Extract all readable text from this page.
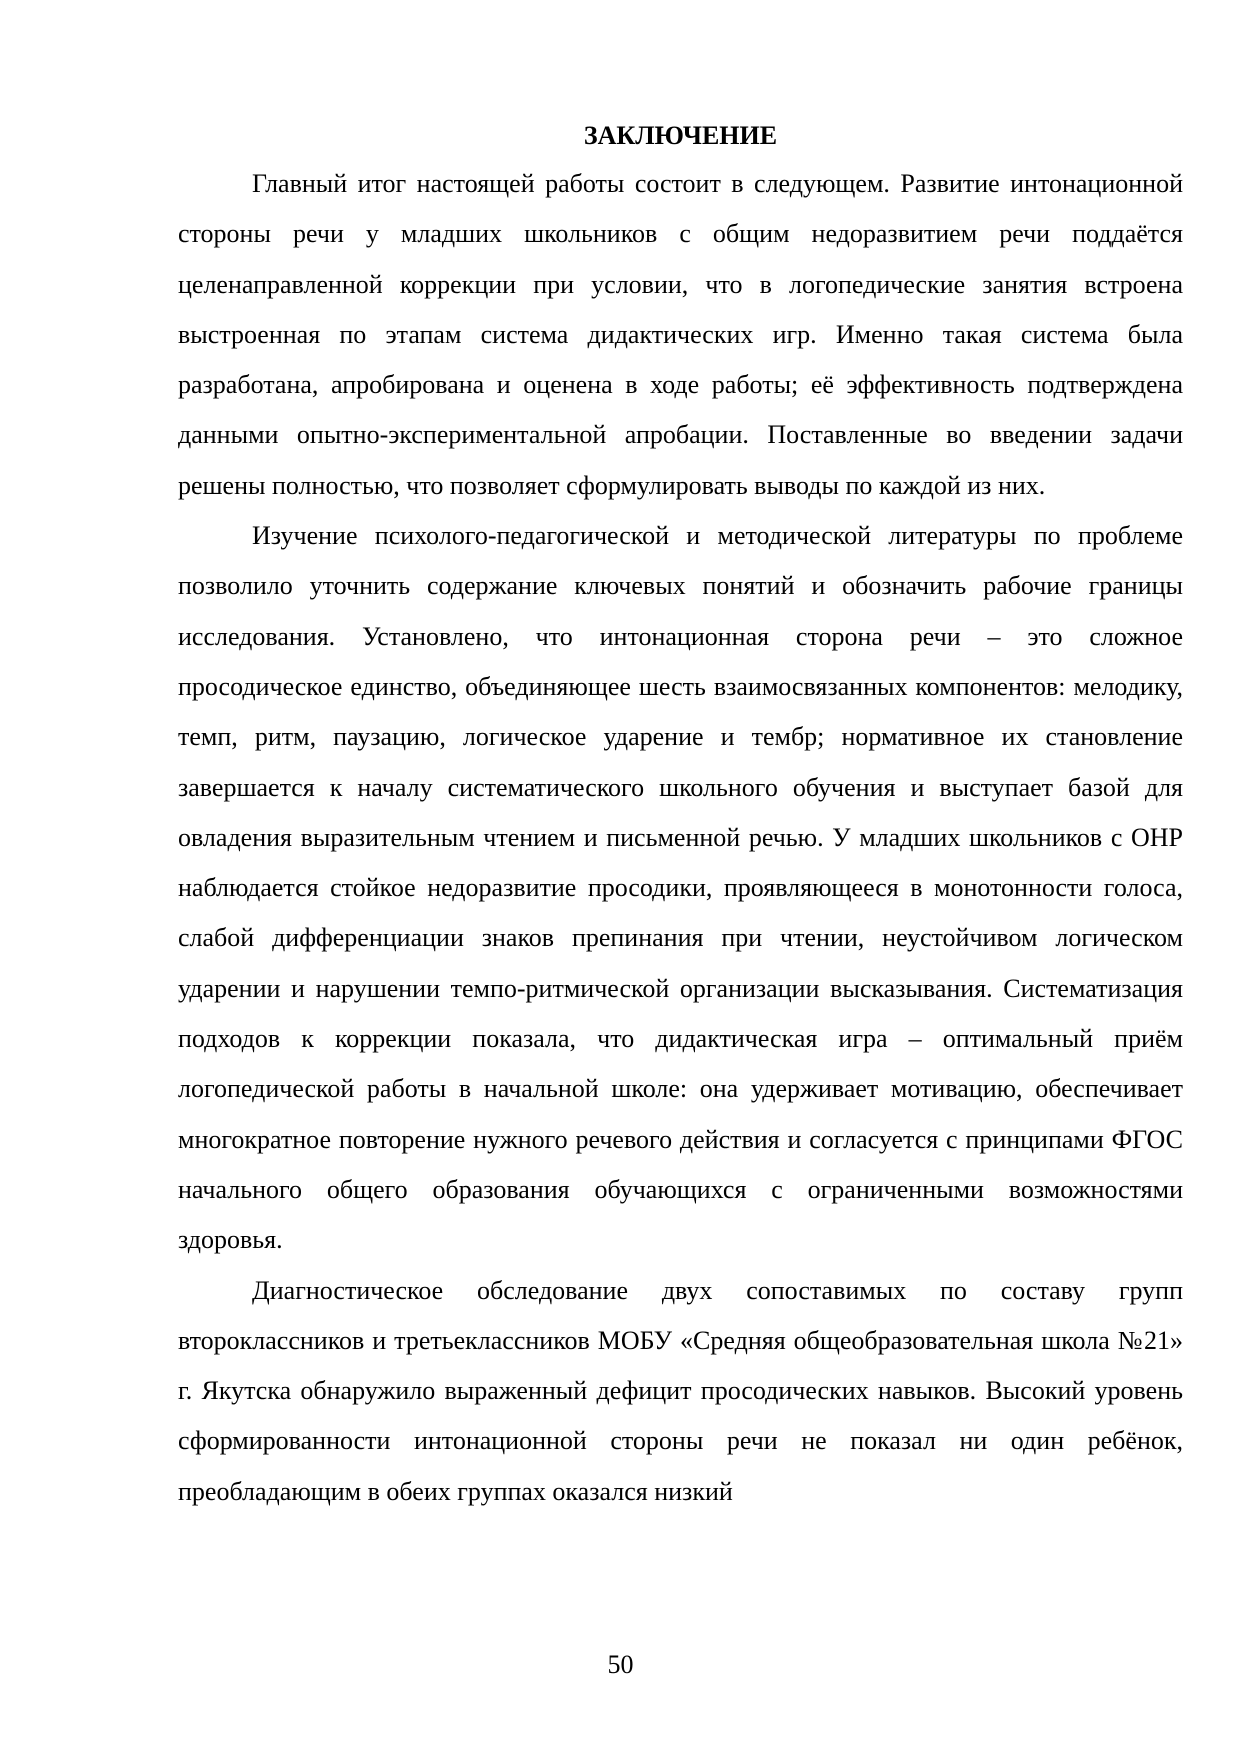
ЗАКЛЮЧЕНИЕ

Главный итог настоящей работы состоит в следующем. Развитие интонационной стороны речи у младших школьников с общим недоразвитием речи поддаётся целенаправленной коррекции при условии, что в логопедические занятия встроена выстроенная по этапам система дидактических игр. Именно такая система была разработана, апробирована и оценена в ходе работы; её эффективность подтверждена данными опытно-экспериментальной апробации. Поставленные во введении задачи решены полностью, что позволяет сформулировать выводы по каждой из них.

Изучение психолого-педагогической и методической литературы по проблеме позволило уточнить содержание ключевых понятий и обозначить рабочие границы исследования. Установлено, что интонационная сторона речи – это сложное просодическое единство, объединяющее шесть взаимосвязанных компонентов: мелодику, темп, ритм, паузацию, логическое ударение и тембр; нормативное их становление завершается к началу систематического школьного обучения и выступает базой для овладения выразительным чтением и письменной речью. У младших школьников с ОНР наблюдается стойкое недоразвитие просодики, проявляющееся в монотонности голоса, слабой дифференциации знаков препинания при чтении, неустойчивом логическом ударении и нарушении темпо-ритмической организации высказывания. Систематизация подходов к коррекции показала, что дидактическая игра – оптимальный приём логопедической работы в начальной школе: она удерживает мотивацию, обеспечивает многократное повторение нужного речевого действия и согласуется с принципами ФГОС начального общего образования обучающихся с ограниченными возможностями здоровья.

Диагностическое обследование двух сопоставимых по составу групп второклассников и третьеклассников МОБУ «Средняя общеобразовательная школа №21» г. Якутска обнаружило выраженный дефицит просодических навыков. Высокий уровень сформированности интонационной стороны речи не показал ни один ребёнок, преобладающим в обеих группах оказался низкий

50
